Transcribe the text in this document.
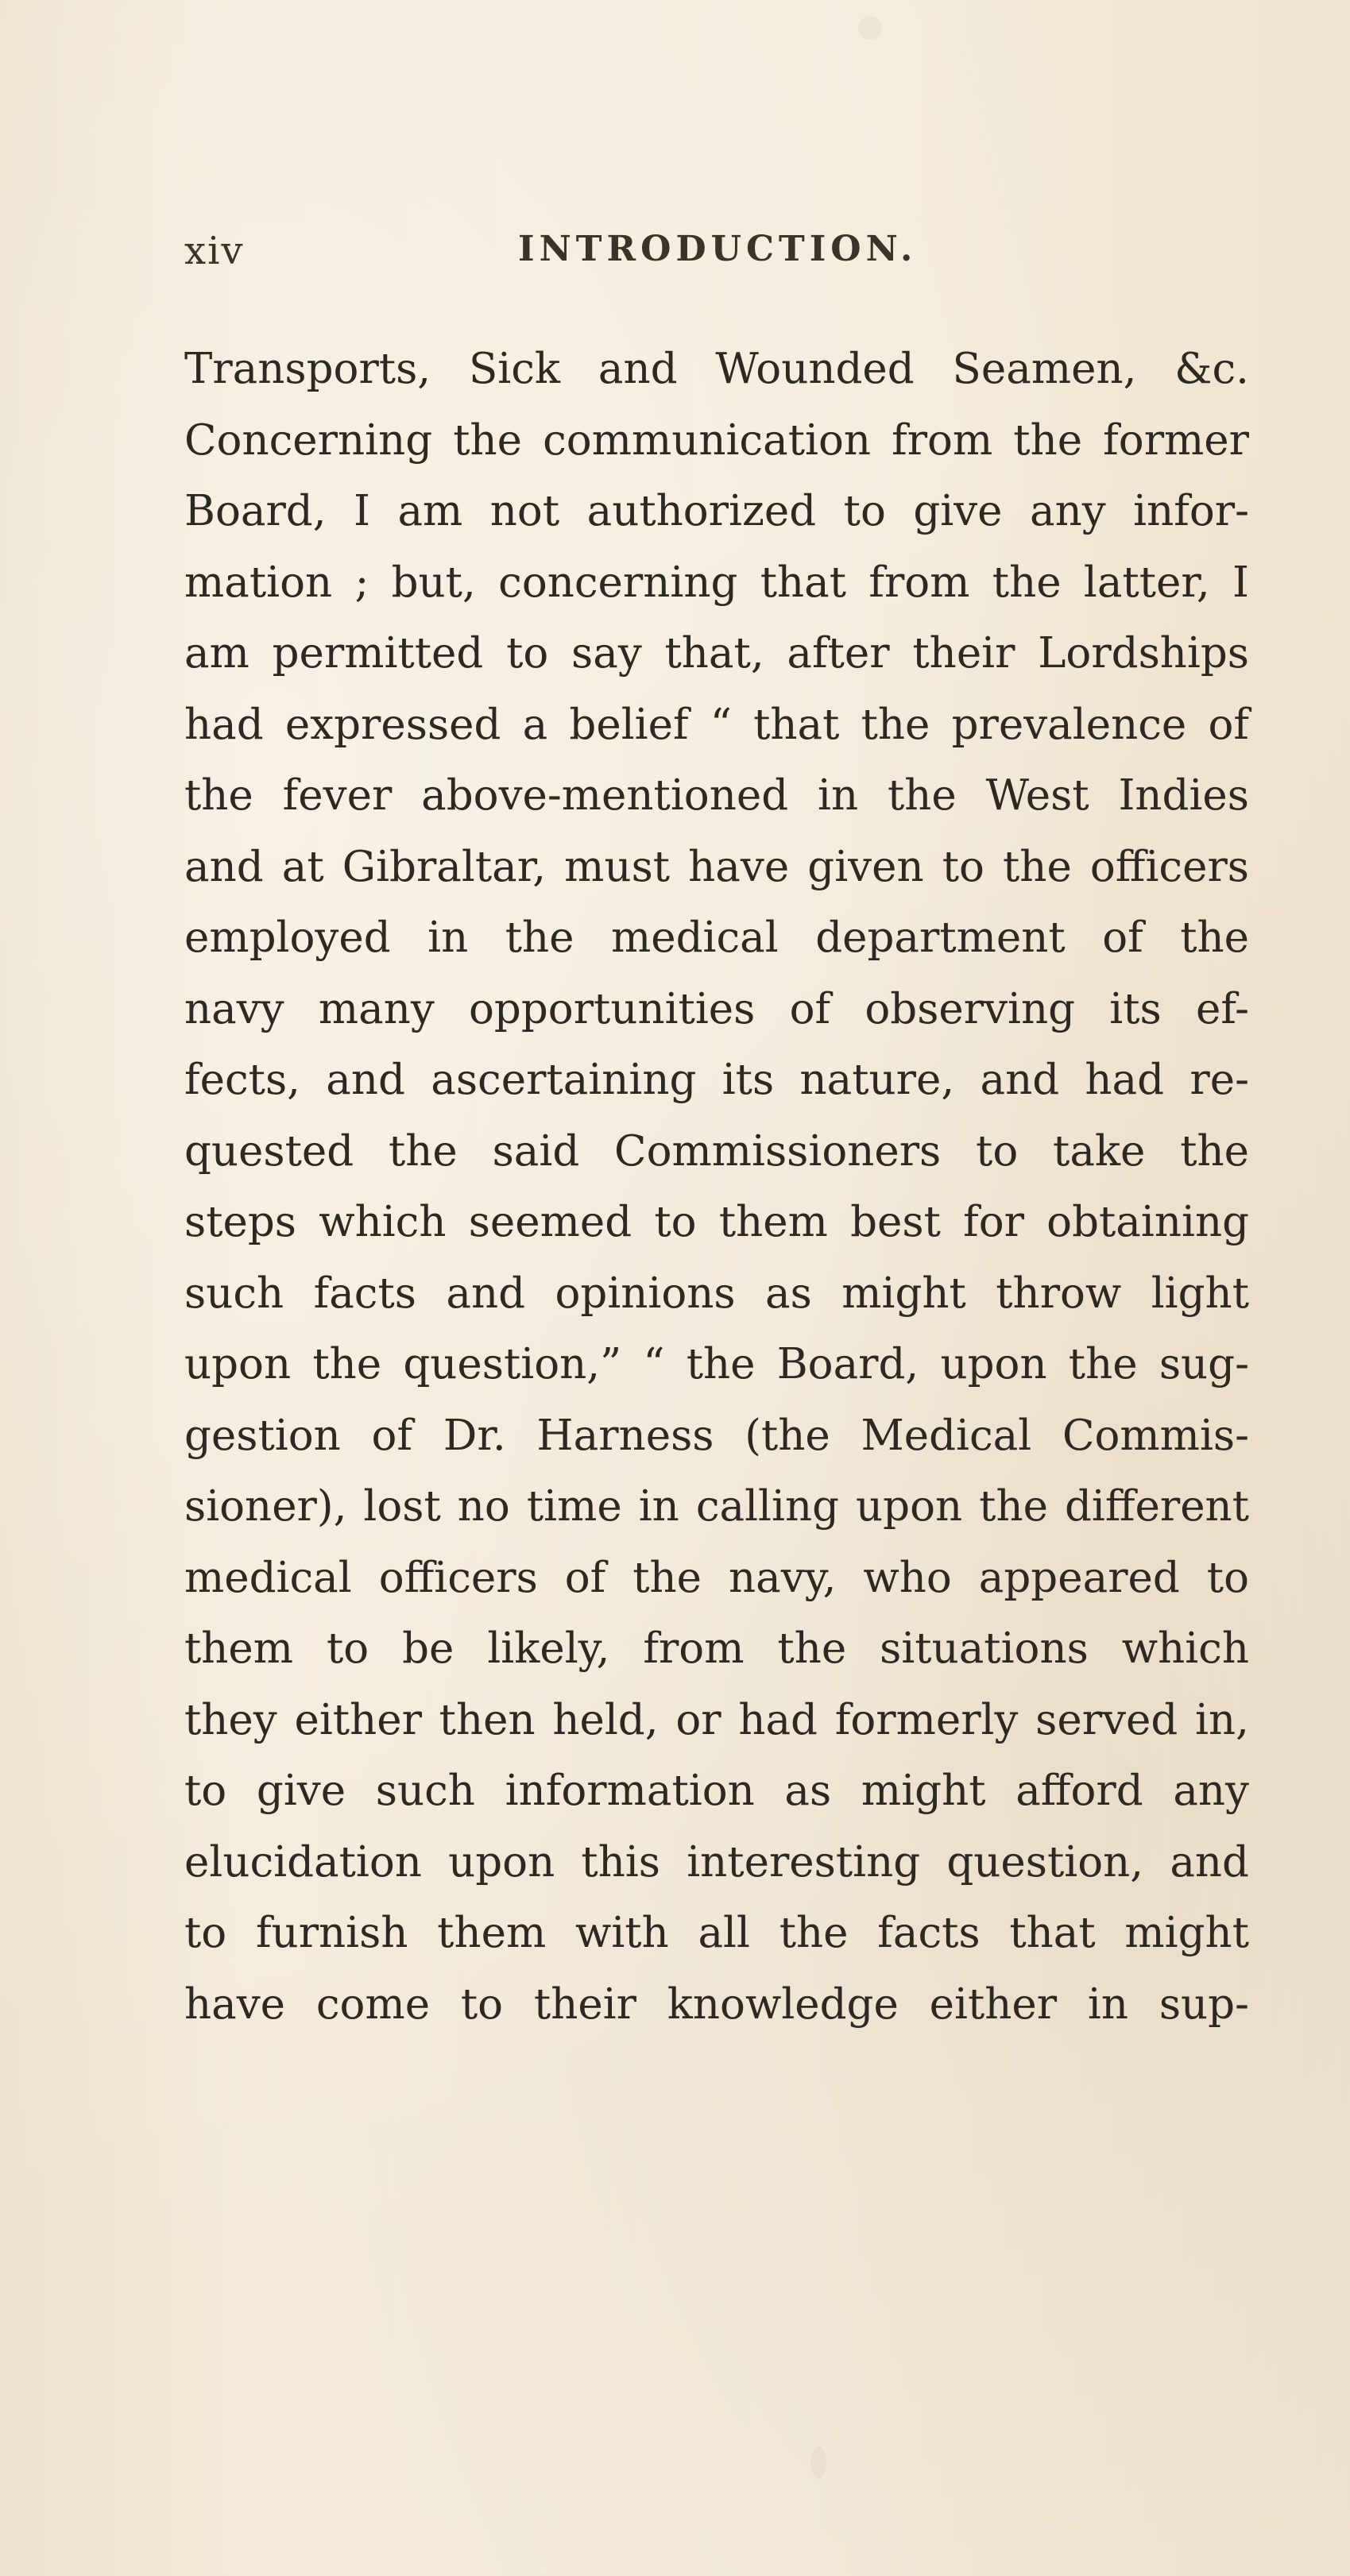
xiv	INTRODUCTION.
Transports, Sick and Wounded Seamen, &c.
Concerning the communication from the former
Board, I am not authorized to give any infor-
mation ; but, concerning that from the latter, I
am permitted to say that, after their Lordships
had expressed a belief “ that the prevalence of
the fever above-mentioned in the West Indies
and at Gibraltar, must have given to the officers
employed in the medical department of the
navy many opportunities of observing its ef-
fects, and ascertaining its nature, and had re-
quested the said Commissioners to take the
steps which seemed to them best for obtaining
such facts and opinions as might throw light
upon the question,” “ the Board, upon the sug-
gestion of Dr. Harness (the Medical Commis-
sioner), lost no time in calling upon the different
medical officers of the navy, who appeared to
them to be likely, from the situations which
they either then held, or had formerly served in,
to give such information as might afford any
elucidation upon this interesting question, and
to furnish them with all the facts that might
have come to their knowledge either in sup-
